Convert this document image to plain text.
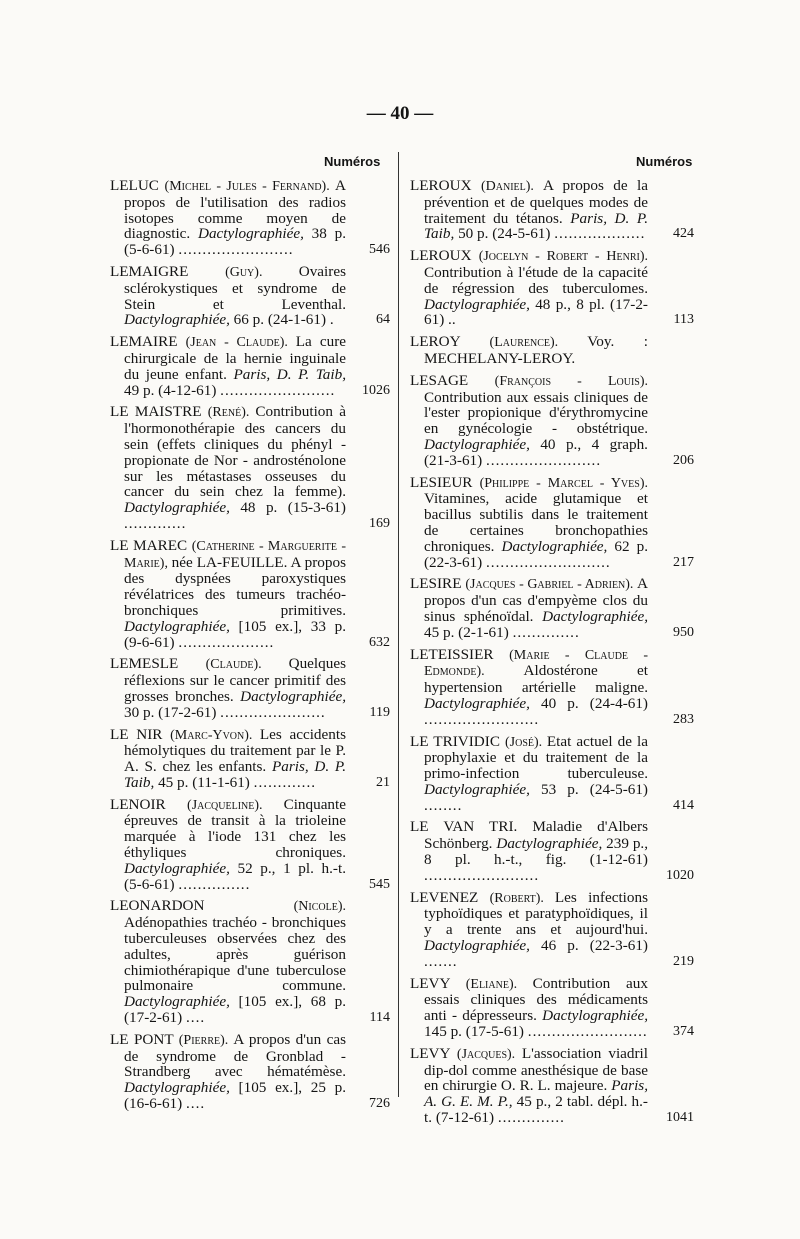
— 40 —
Numéros	Numéros
LELUC (Michel - Jules - Fernand). A propos de l'utilisation des radios isotopes comme moyen de diagnostic. Dactylographiée, 38 p. (5-6-61) ........................	546
LEMAIGRE (Guy). Ovaires sclérokystiques et syndrome de Stein et Leventhal. Dactylographiée, 66 p. (24-1-61) .	64
LEMAIRE (Jean - Claude). La cure chirurgicale de la hernie inguinale du jeune enfant. Paris, D. P. Taib, 49 p. (4-12-61) ........................ 1026
LE MAISTRE (René). Contribution à l'hormonothérapie des cancers du sein (effets cliniques du phényl - propionate de Nor - androsténolone sur les métastases osseuses du cancer du sein chez la femme). Dactylographiée, 48 p. (15-3-61) .............	169
LE MAREC (Catherine - Marguerite - Marie), née LA-FEUILLE. A propos des dyspnées paroxystiques révélatrices des tumeurs trachéo-bronchiques primitives. Dactylographiée, [105 ex.], 33 p. (9-6-61) ....................	632
LEMESLE (Claude). Quelques réflexions sur le cancer primitif des grosses bronches. Dactylographiée, 30 p. (17-2-61) ......................	119
LE NIR (Marc-Yvon). Les accidents hémolytiques du traitement par le P. A. S. chez les enfants. Paris, D. P. Taib, 45 p. (11-1-61) .............	21
LENOIR (Jacqueline). Cinquante épreuves de transit à la trioleine marquée à l'iode 131 chez les éthyliques chroniques. Dactylographiée, 52 p., 1 pl. h.-t. (5-6-61) ...............	545
LEONARDON (Nicole). Adénopathies trachéo - bronchiques tuberculeuses observées chez des adultes, après guérison chimiothérapique d'une tuberculose pulmonaire commune. Dactylographiée, [105 ex.], 68 p. (17-2-61) ....	114
LE PONT (Pierre). A propos d'un cas de syndrome de Gronblad - Strandberg avec hématémèse. Dactylographiée, [105 ex.], 25 p. (16-6-61) ....	726
LEROUX (Daniel). A propos de la prévention et de quelques modes de traitement du tétanos. Paris, D. P. Taib, 50 p. (24-5-61) ................... 424
LEROUX (Jocelyn - Robert - Henri). Contribution à l'étude de la capacité de régression des tuberculomes. Dactylographiée, 48 p., 8 pl. (17-2-61) ..	113
LEROY (Laurence). Voy. : MECHELANY-LEROY.
LESAGE (François - Louis). Contribution aux essais cliniques de l'ester propionique d'érythromycine en gynécologie - obstétrique. Dactylographiée, 40 p., 4 graph. (21-3-61) ........................	206
LESIEUR (Philippe - Marcel - Yves). Vitamines, acide glutamique et bacillus subtilis dans le traitement de certaines bronchopathies chroniques. Dactylographiée, 62 p. (22-3-61) ..........................	217
LESIRE (Jacques - Gabriel - Adrien). A propos d'un cas d'empyème clos du sinus sphénoïdal. Dactylographiée, 45 p. (2-1-61) ..............	950
LETEISSIER (Marie - Claude - Edmonde). Aldostérone et hypertension artérielle maligne. Dactylographiée, 40 p. (24-4-61) ........................	283
LE TRIVIDIC (José). Etat actuel de la prophylaxie et du traitement de la primo-infection tuberculeuse. Dactylographiée, 53 p. (24-5-61) ........	414
LE VAN TRI. Maladie d'Albers Schönberg. Dactylographiée, 239 p., 8 pl. h.-t., fig. (1-12-61) ........................	1020
LEVENEZ (Robert). Les infections typhoïdiques et paratyphoïdiques, il y a trente ans et aujourd'hui. Dactylographiée, 46 p. (22-3-61) .......	219
LEVY (Eliane). Contribution aux essais cliniques des médicaments anti - dépresseurs. Dactylographiée, 145 p. (17-5-61) ......................... 374
LEVY (Jacques). L'association viadril dip-dol comme anesthésique de base en chirurgie O. R. L. majeure. Paris, A. G. E. M. P., 45 p., 2 tabl. dépl. h.-t. (7-12-61) ..............	1041
